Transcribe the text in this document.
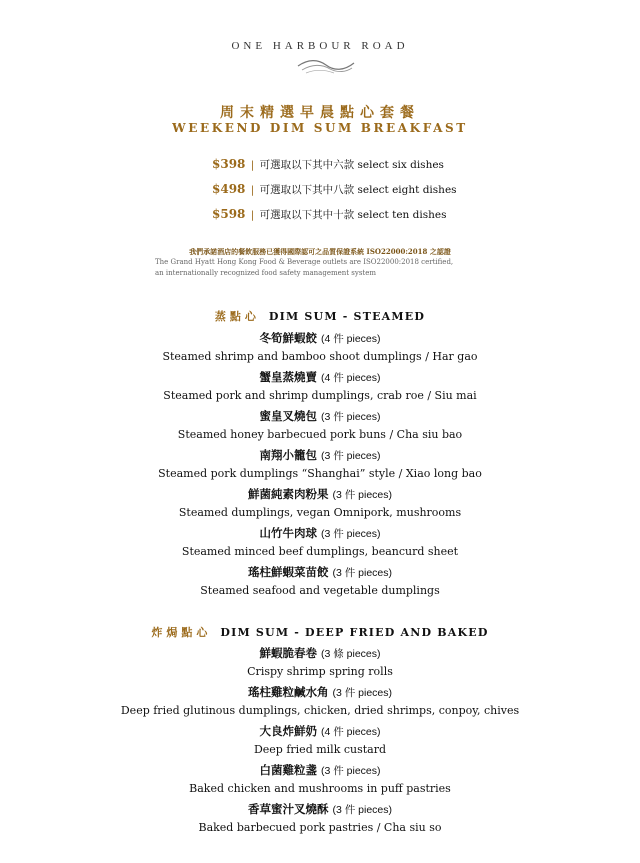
ONE HARBOUR ROAD
周末精選早晨點心套餐
WEEKEND DIM SUM BREAKFAST
$398 | 可選取以下其中六款 select six dishes
$498 | 可選取以下其中八款 select eight dishes
$598 | 可選取以下其中十款 select ten dishes
我們承諾酒店的餐飲服務已獲得國際認可之品質保證系統 ISO22000:2018 之認證
The Grand Hyatt Hong Kong Food & Beverage outlets are ISO22000:2018 certified,
an internationally recognized food safety management system
蒸點心 DIM SUM - STEAMED
冬筍鮮蝦餃 (4 件 pieces)
Steamed shrimp and bamboo shoot dumplings / Har gao
蟹皇蒸燒賣 (4 件 pieces)
Steamed pork and shrimp dumplings, crab roe / Siu mai
蜜皇叉燒包 (3 件 pieces)
Steamed honey barbecued pork buns / Cha siu bao
南翔小籠包 (3 件 pieces)
Steamed pork dumplings “Shanghai” style / Xiao long bao
鮮菌純素肉粉果 (3 件 pieces)
Steamed dumplings, vegan Omnipork, mushrooms
山竹牛肉球 (3 件 pieces)
Steamed minced beef dumplings, beancurd sheet
瑤柱鮮蝦菜苗餃 (3 件 pieces)
Steamed seafood and vegetable dumplings
炸焗點心 DIM SUM - DEEP FRIED AND BAKED
鮮蝦脆春卷 (3 條 pieces)
Crispy shrimp spring rolls
瑤柱雞粒鹹水角 (3 件 pieces)
Deep fried glutinous dumplings, chicken, dried shrimps, conpoy, chives
大良炸鮮奶 (4 件 pieces)
Deep fried milk custard
白菌雞粒盞 (3 件 pieces)
Baked chicken and mushrooms in puff pastries
香草蜜汁叉燒酥 (3 件 pieces)
Baked barbecued pork pastries / Cha siu so
